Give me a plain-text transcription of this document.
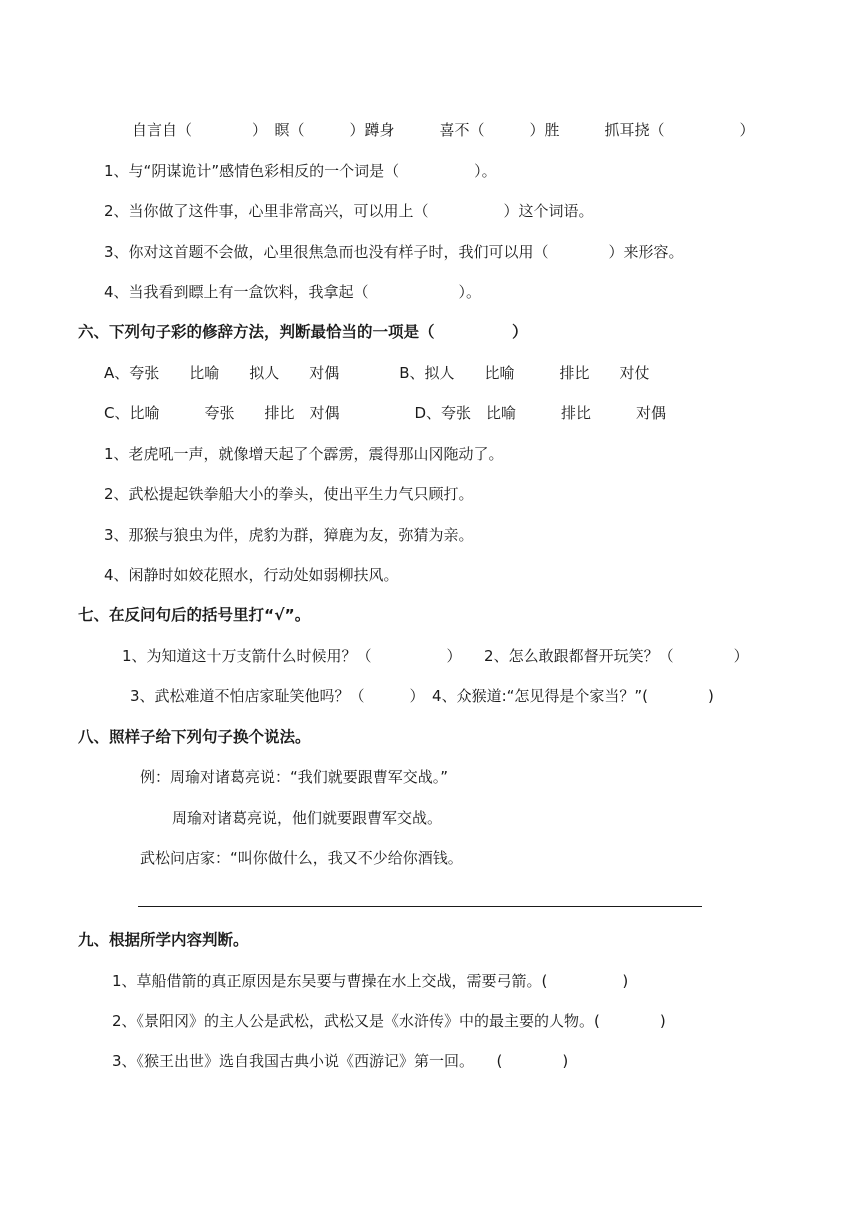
自言自（　　　　）　瞑（　　　）蹲身　　　喜不（　　　）胜　　　抓耳挠（　　　　　）
1、与“阴谋诡计”感情色彩相反的一个词是（　　　　　）。
2、当你做了这件事，心里非常高兴，可以用上（　　　　　）这个词语。
3、你对这首题不会做，心里很焦急而也没有样子时，我们可以用（　　　　）来形容。
4、当我看到瞟上有一盒饮料，我拿起（　　　　　　）。
六、下列句子彩的修辞方法，判断最恰当的一项是（　　　　　）
A、夸张　　比喻　　拟人　　对偶　　　　B、拟人　　比喻　　　排比　　对仗
C、比喻　　　夸张　　排比　对偶　　　　　D、夸张　比喻　　　排比　　　对偶
1、老虎吼一声，就像增天起了个霹雳，震得那山冈陁动了。
2、武松提起铁拳船大小的拳头，使出平生力气只顾打。
3、那猴与狼虫为伴，虎豹为群，獐鹿为友，弥猜为亲。
4、闲静时如姣花照水，行动处如弱柳扶风。
七、在反问句后的括号里打“√”。
1、为知道这十万支箭什么时候用？（　　　　　）　　2、怎么敢跟都督开玩笑？（　　　　）
3、武松难道不怕店家耻笑他吗？（　　　）　4、众猴道:“怎见得是个家当？”(　　　　)
八、照样子给下列句子换个说法。
例：周瑜对诸葛亮说：“我们就要跟曹军交战。”
周瑜对诸葛亮说，他们就要跟曹军交战。
武松问店家：“叫你做什么，我又不少给你酒钱。
九、根据所学内容判断。
1、草船借箭的真正原因是东吴要与曹操在水上交战，需要弓箭。(　　　　　)
2、《景阳冈》的主人公是武松，武松又是《水浒传》中的最主要的人物。(　　　　)
3、《猴王出世》选自我国古典小说《西游记》第一回。　　(　　　　)
